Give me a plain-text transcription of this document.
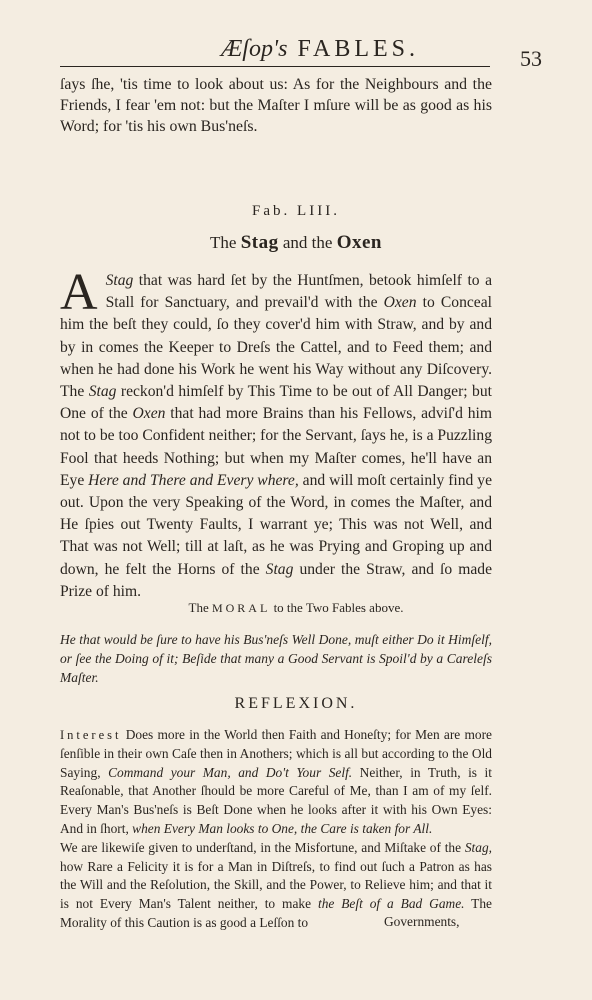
Æſop's FABLES.	53
ſays ſhe, 'tis time to look about us: As for the Neighbours and the Friends, I fear 'em not: but the Maſter I mſure will be as good as his Word; for 'tis his own Bus'neſs.
Fab. LIII.
The Stag and the Oxen
A Stag that was hard ſet by the Huntſmen, betook himſelf to a Stall for Sanctuary, and prevail'd with the Oxen to Conceal him the beſt they could, ſo they cover'd him with Straw, and by and by in comes the Keeper to Dreſs the Cattel, and to Feed them; and when he had done his Work he went his Way without any Diſcovery. The Stag reckon'd himſelf by This Time to be out of All Danger; but One of the Oxen that had more Brains than his Fellows, adviſ'd him not to be too Confident neither; for the Servant, ſays he, is a Puzzling Fool that heeds Nothing; but when my Maſter comes, he'll have an Eye Here and There and Every where, and will moſt certainly find ye out. Upon the very Speaking of the Word, in comes the Maſter, and He ſpies out Twenty Faults, I warrant ye; This was not Well, and That was not Well; till at laſt, as he was Prying and Groping up and down, he felt the Horns of the Stag under the Straw, and ſo made Prize of him.
The MORAL to the Two Fables above.
He that would be ſure to have his Bus'neſs Well Done, muſt either Do it Himſelf, or ſee the Doing of it; Beſide that many a Good Servant is Spoil'd by a Careleſs Maſter.
REFLEXION.

Interest Does more in the World then Faith and Honeſty; for Men are more ſenſible in their own Caſe then in Anothers; which is all but according to the Old Saying, Command your Man, and Do't Your Self. Neither, in Truth, is it Reaſonable, that Another ſhould be more Careful of Me, than I am of my ſelf. Every Man's Bus'neſs is Beſt Done when he looks after it with his Own Eyes: And in ſhort, when Every Man looks to One, the Care is taken for All.

We are likewiſe given to underſtand, in the Misfortune, and Miſtake of the Stag, how Rare a Felicity it is for a Man in Diſtreſs, to find out ſuch a Patron as has the Will and the Reſolution, the Skill, and the Power, to Relieve him; and that it is not Every Man's Talent neither, to make the Beſt of a Bad Game. The Morality of this Caution is as good a Leſſon to	Governments,
